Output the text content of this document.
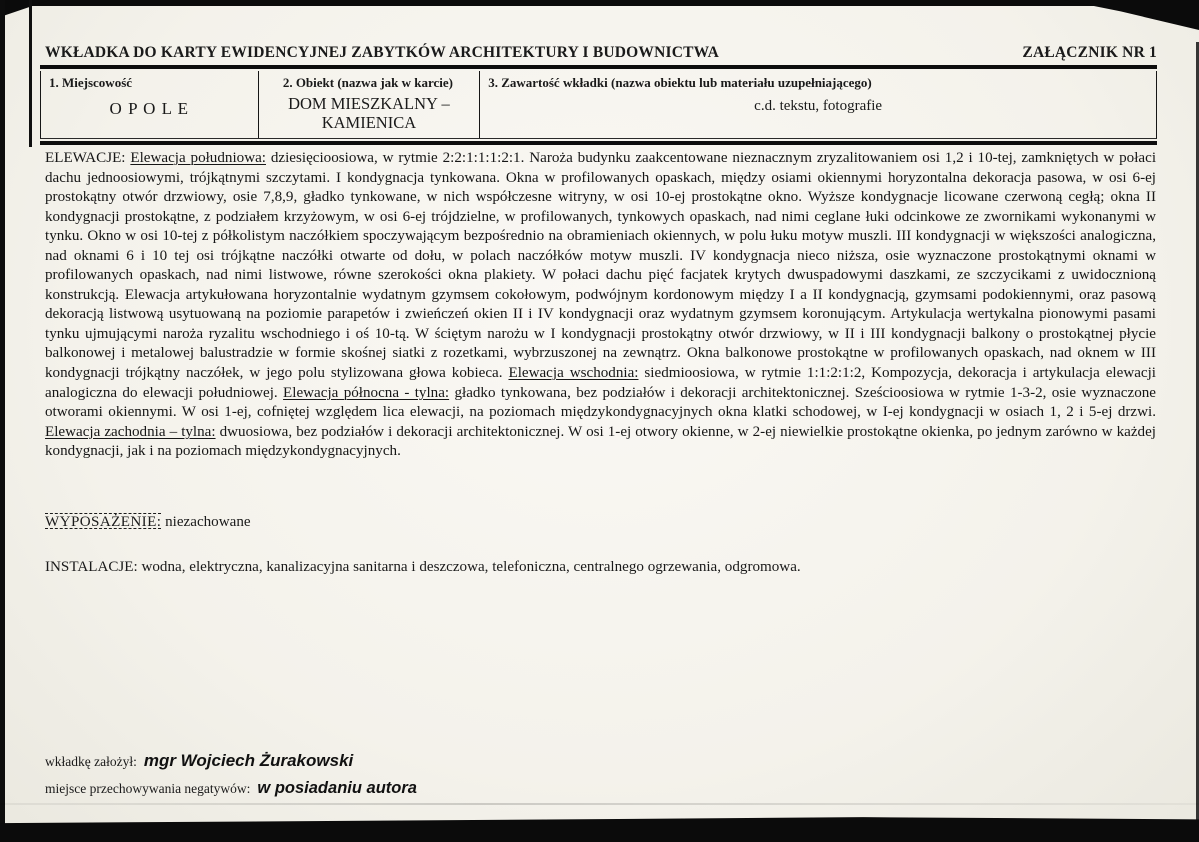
WKŁADKA DO KARTY EWIDENCYJNEJ ZABYTKÓW ARCHITEKTURY I BUDOWNICTWA	ZAŁĄCZNIK NR 1
1. Miejscowość
O P O L E
2. Obiekt (nazwa jak w karcie)
DOM MIESZKALNY –
KAMIENICA
3. Zawartość wkładki (nazwa obiektu lub materiału uzupełniającego)
c.d. tekstu, fotografie

ELEWACJE: Elewacja południowa: dziesięcioosiowa, w rytmie 2:2:1:1:1:2:1. Naroża budynku zaakcentowane nieznacznym zryzalitowaniem osi 1,2 i 10-tej, zamkniętych w połaci dachu jednoosiowymi, trójkątnymi szczytami. I kondygnacja tynkowana. Okna w profilowanych opaskach, między osiami okiennymi horyzontalna dekoracja pasowa, w osi 6-ej prostokątny otwór drzwiowy, osie 7,8,9, gładko tynkowane, w nich współczesne witryny, w osi 10-ej prostokątne okno. Wyższe kondygnacje licowane czerwoną cegłą; okna II kondygnacji prostokątne, z podziałem krzyżowym, w osi 6-ej trójdzielne, w profilowanych, tynkowych opaskach, nad nimi ceglane łuki odcinkowe ze zwornikami wykonanymi w tynku. Okno w osi 10-tej z półkolistym naczółkiem spoczywającym bezpośrednio na obramieniach okiennych, w polu łuku motyw muszli. III kondygnacji w większości analogiczna, nad oknami 6 i 10 tej osi trójkątne naczółki otwarte od dołu, w polach naczółków motyw muszli. IV kondygnacja nieco niższa, osie wyznaczone prostokątnymi oknami w profilowanych opaskach, nad nimi listwowe, równe szerokości okna plakiety. W połaci dachu pięć facjatek krytych dwuspadowymi daszkami, ze szczycikami z uwidocznioną konstrukcją. Elewacja artykułowana horyzontalnie wydatnym gzymsem cokołowym, podwójnym kordonowym między I a II kondygnacją, gzymsami podokiennymi, oraz pasową dekoracją listwową usytuowaną na poziomie parapetów i zwieńczeń okien II i IV kondygnacji oraz wydatnym gzymsem koronującym. Artykulacja wertykalna pionowymi pasami tynku ujmującymi naroża ryzalitu wschodniego i oś 10-tą. W ściętym narożu w I kondygnacji prostokątny otwór drzwiowy, w II i III kondygnacji balkony o prostokątnej płycie balkonowej i metalowej balustradzie w formie skośnej siatki z rozetkami, wybrzuszonej na zewnątrz. Okna balkonowe prostokątne w profilowanych opaskach, nad oknem w III kondygnacji trójkątny naczółek, w jego polu stylizowana głowa kobieca. Elewacja wschodnia: siedmioosiowa, w rytmie 1:1:2:1:2, Kompozycja, dekoracja i artykulacja elewacji analogiczna do elewacji południowej. Elewacja północna - tylna: gładko tynkowana, bez podziałów i dekoracji architektonicznej. Sześcioosiowa w rytmie 1-3-2, osie wyznaczone otworami okiennymi. W osi 1-ej, cofniętej względem lica elewacji, na poziomach międzykondygnacyjnych okna klatki schodowej, w I-ej kondygnacji w osiach 1, 2 i 5-ej drzwi. Elewacja zachodnia – tylna: dwuosiowa, bez podziałów i dekoracji architektonicznej. W osi 1-ej otwory okienne, w 2-ej niewielkie prostokątne okienka, po jednym zarówno w każdej kondygnacji, jak i na poziomach międzykondygnacyjnych.

WYPOSAŻENIE: niezachowane

INSTALACJE: wodna, elektryczna, kanalizacyjna sanitarna i deszczowa, telefoniczna, centralnego ogrzewania, odgromowa.

wkładkę założył: mgr Wojciech Żurakowski

miejsce przechowywania negatywów: w posiadaniu autora
